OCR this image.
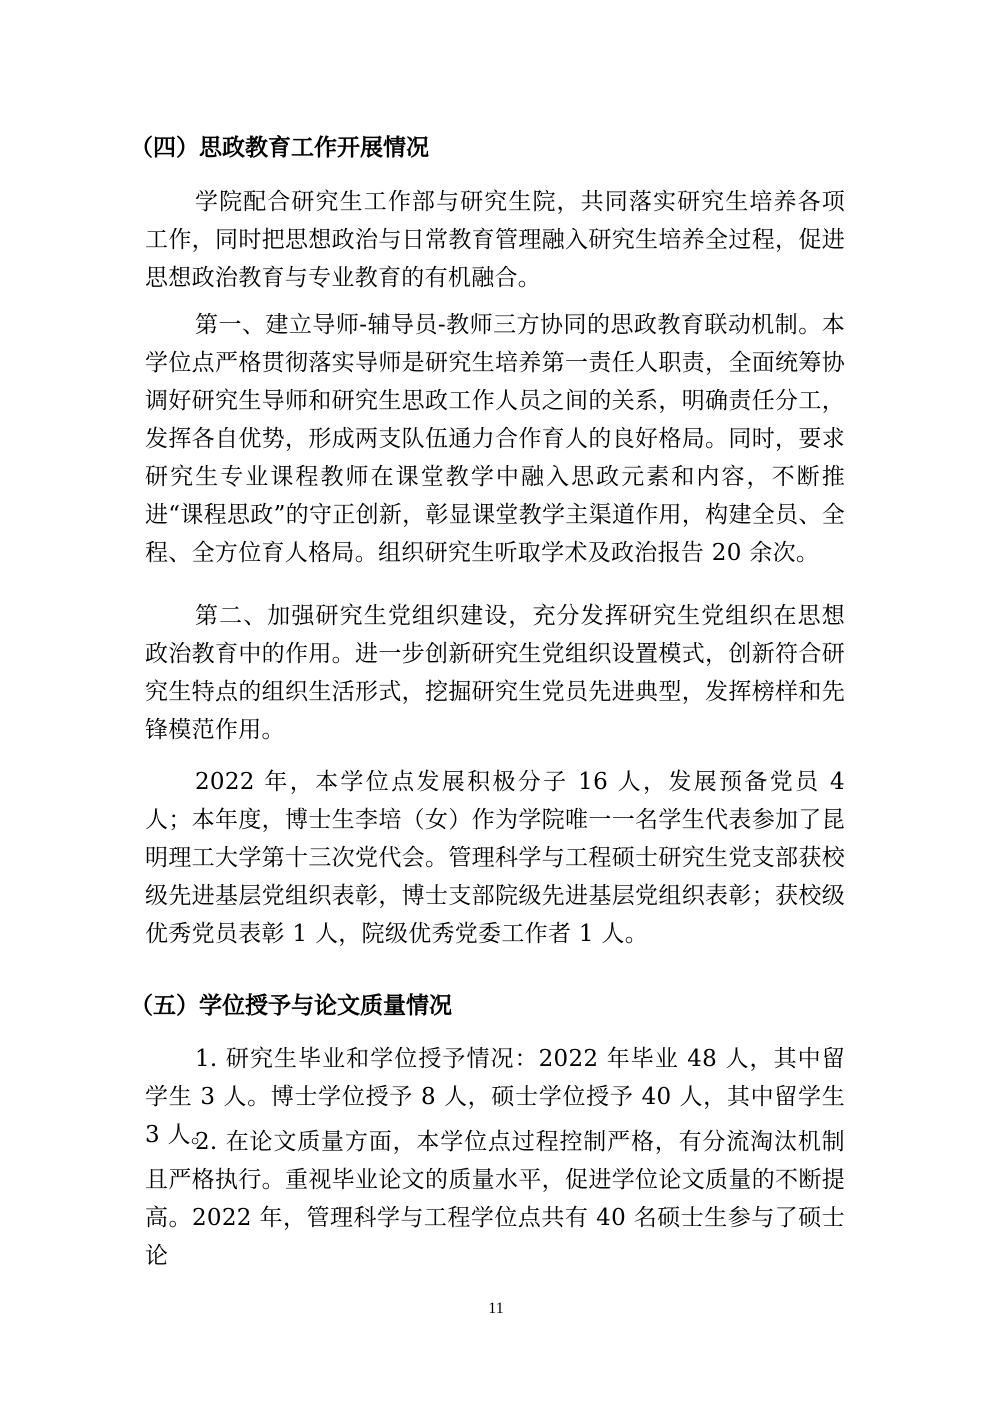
（四）思政教育工作开展情况

学院配合研究生工作部与研究生院，共同落实研究生培养各项工作，同时把思想政治与日常教育管理融入研究生培养全过程，促进思想政治教育与专业教育的有机融合。

第一、建立导师-辅导员-教师三方协同的思政教育联动机制。本学位点严格贯彻落实导师是研究生培养第一责任人职责，全面统筹协调好研究生导师和研究生思政工作人员之间的关系，明确责任分工，发挥各自优势，形成两支队伍通力合作育人的良好格局。同时，要求研究生专业课程教师在课堂教学中融入思政元素和内容，不断推进“课程思政”的守正创新，彰显课堂教学主渠道作用，构建全员、全程、全方位育人格局。组织研究生听取学术及政治报告 20 余次。

第二、加强研究生党组织建设，充分发挥研究生党组织在思想政治教育中的作用。进一步创新研究生党组织设置模式，创新符合研究生特点的组织生活形式，挖掘研究生党员先进典型，发挥榜样和先锋模范作用。

2022 年，本学位点发展积极分子 16 人，发展预备党员 4 人；本年度，博士生李培（女）作为学院唯一一名学生代表参加了昆明理工大学第十三次党代会。管理科学与工程硕士研究生党支部获校级先进基层党组织表彰，博士支部院级先进基层党组织表彰；获校级优秀党员表彰 1 人，院级优秀党委工作者 1 人。

（五）学位授予与论文质量情况

1. 研究生毕业和学位授予情况：2022 年毕业 48 人，其中留学生 3 人。博士学位授予 8 人，硕士学位授予 40 人，其中留学生 3 人。

2. 在论文质量方面，本学位点过程控制严格，有分流淘汰机制且严格执行。重视毕业论文的质量水平，促进学位论文质量的不断提高。2022 年，管理科学与工程学位点共有 40 名硕士生参与了硕士论

11
